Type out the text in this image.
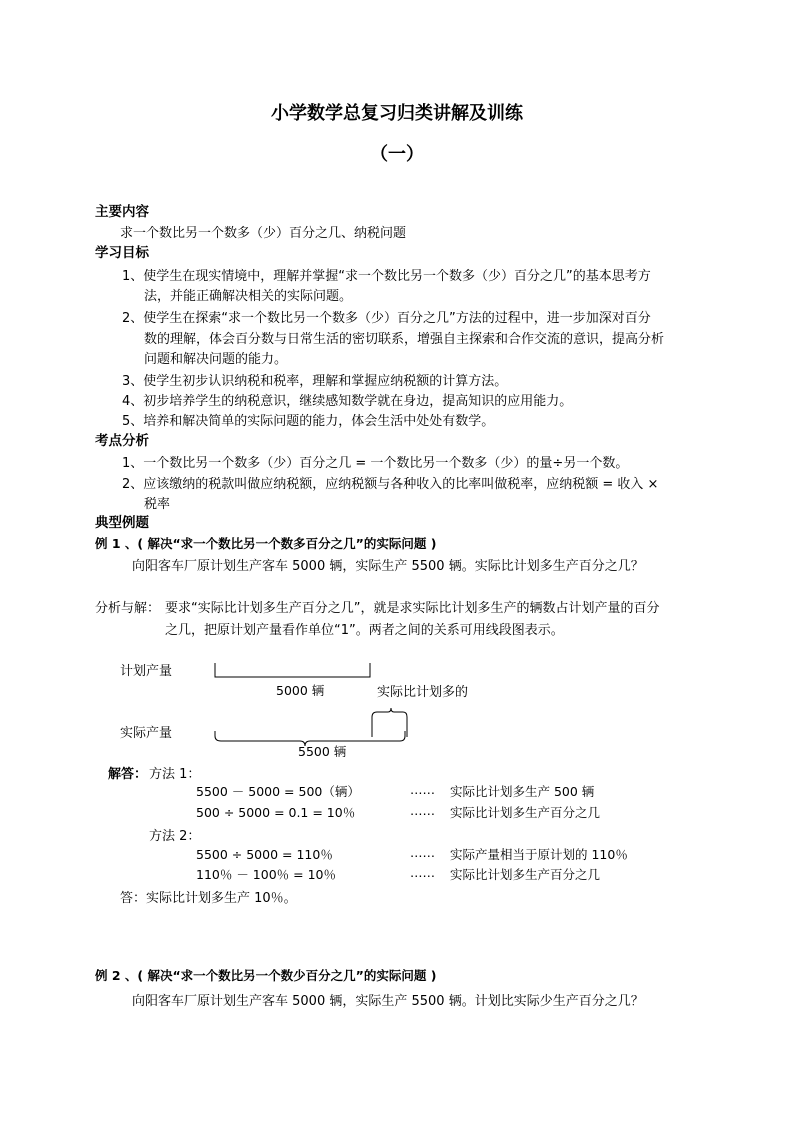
小学数学总复习归类讲解及训练
（一）
主要内容
求一个数比另一个数多（少）百分之几、纳税问题
学习目标
1、使学生在现实情境中，理解并掌握“求一个数比另一个数多（少）百分之几”的基本思考方
法，并能正确解决相关的实际问题。
2、使学生在探索“求一个数比另一个数多（少）百分之几”方法的过程中，进一步加深对百分
数的理解，体会百分数与日常生活的密切联系，增强自主探索和合作交流的意识，提高分析
问题和解决问题的能力。
3、使学生初步认识纳税和税率，理解和掌握应纳税额的计算方法。
4、初步培养学生的纳税意识，继续感知数学就在身边，提高知识的应用能力。
5、培养和解决简单的实际问题的能力，体会生活中处处有数学。
考点分析
1、一个数比另一个数多（少）百分之几 = 一个数比另一个数多（少）的量÷另一个数。
2、应该缴纳的税款叫做应纳税额，应纳税额与各种收入的比率叫做税率，应纳税额 = 收入 ×
税率
典型例题
例 1 、( 解决“求一个数比另一个数多百分之几”的实际问题 )
向阳客车厂原计划生产客车 5000 辆，实际生产 5500 辆。实际比计划多生产百分之几？
分析与解： 要求“实际比计划多生产百分之几”，就是求实际比计划多生产的辆数占计划产量的百分
之几，把原计划产量看作单位“1”。两者之间的关系可用线段图表示。
计划产量
5000 辆	实际比计划多的
实际产量
5500 辆
解答： 方法 1：
5500 － 5000 = 500（辆）	…… 实际比计划多生产 500 辆
500 ÷ 5000 = 0.1 = 10％	…… 实际比计划多生产百分之几
方法 2：
5500 ÷ 5000 = 110％	…… 实际产量相当于原计划的 110％
110％ － 100％ = 10％	…… 实际比计划多生产百分之几
答：实际比计划多生产 10％。
例 2 、( 解决“求一个数比另一个数少百分之几”的实际问题 )
向阳客车厂原计划生产客车 5000 辆，实际生产 5500 辆。计划比实际少生产百分之几？
